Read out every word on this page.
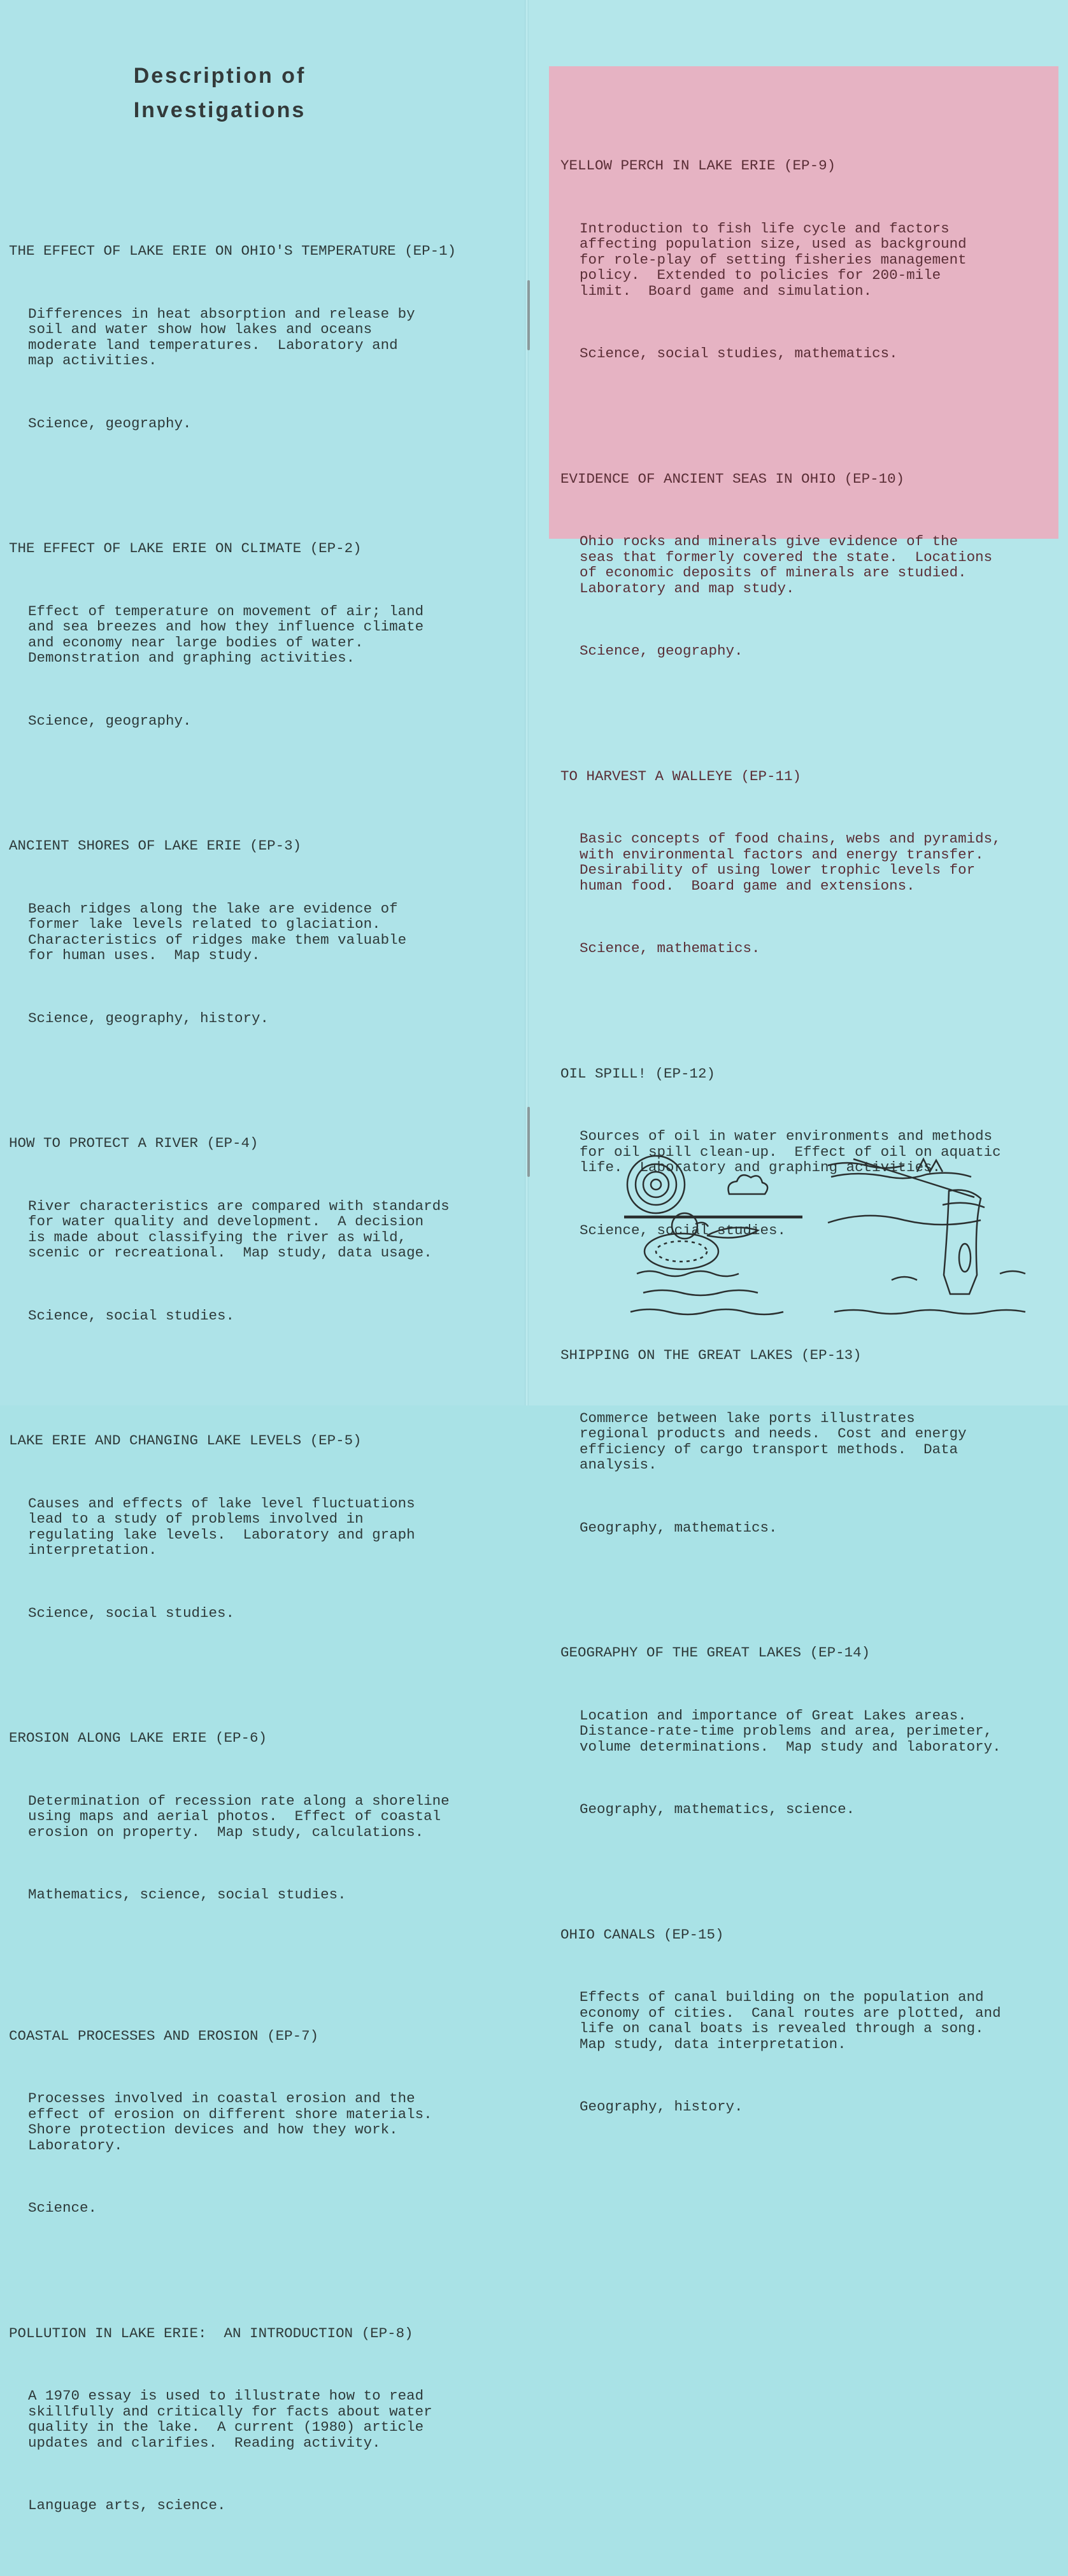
Description of
Investigations

THE EFFECT OF LAKE ERIE ON OHIO'S TEMPERATURE (EP-1)

Differences in heat absorption and release by
soil and water show how lakes and oceans
moderate land temperatures.  Laboratory and
map activities.

Science, geography.

THE EFFECT OF LAKE ERIE ON CLIMATE (EP-2)

Effect of temperature on movement of air; land
and sea breezes and how they influence climate
and economy near large bodies of water.
Demonstration and graphing activities.

Science, geography.

ANCIENT SHORES OF LAKE ERIE (EP-3)

Beach ridges along the lake are evidence of
former lake levels related to glaciation.
Characteristics of ridges make them valuable
for human uses.  Map study.

Science, geography, history.

HOW TO PROTECT A RIVER (EP-4)

River characteristics are compared with standards
for water quality and development.  A decision
is made about classifying the river as wild,
scenic or recreational.  Map study, data usage.

Science, social studies.

LAKE ERIE AND CHANGING LAKE LEVELS (EP-5)

Causes and effects of lake level fluctuations
lead to a study of problems involved in
regulating lake levels.  Laboratory and graph
interpretation.

Science, social studies.

EROSION ALONG LAKE ERIE (EP-6)

Determination of recession rate along a shoreline
using maps and aerial photos.  Effect of coastal
erosion on property.  Map study, calculations.

Mathematics, science, social studies.

COASTAL PROCESSES AND EROSION (EP-7)

Processes involved in coastal erosion and the
effect of erosion on different shore materials.
Shore protection devices and how they work.
Laboratory.

Science.

POLLUTION IN LAKE ERIE:  AN INTRODUCTION (EP-8)

A 1970 essay is used to illustrate how to read
skillfully and critically for facts about water
quality in the lake.  A current (1980) article
updates and clarifies.  Reading activity.

Language arts, science.

YELLOW PERCH IN LAKE ERIE (EP-9)

Introduction to fish life cycle and factors
affecting population size, used as background
for role-play of setting fisheries management
policy.  Extended to policies for 200-mile
limit.  Board game and simulation.

Science, social studies, mathematics.

EVIDENCE OF ANCIENT SEAS IN OHIO (EP-10)

Ohio rocks and minerals give evidence of the
seas that formerly covered the state.  Locations
of economic deposits of minerals are studied.
Laboratory and map study.

Science, geography.

TO HARVEST A WALLEYE (EP-11)

Basic concepts of food chains, webs and pyramids,
with environmental factors and energy transfer.
Desirability of using lower trophic levels for
human food.  Board game and extensions.

Science, mathematics.

OIL SPILL! (EP-12)

Sources of oil in water environments and methods
for oil spill clean-up.  Effect of oil on aquatic
life.  Laboratory and graphing activities.

Science, social studies.

SHIPPING ON THE GREAT LAKES (EP-13)

Commerce between lake ports illustrates
regional products and needs.  Cost and energy
efficiency of cargo transport methods.  Data
analysis.

Geography, mathematics.

GEOGRAPHY OF THE GREAT LAKES (EP-14)

Location and importance of Great Lakes areas.
Distance-rate-time problems and area, perimeter,
volume determinations.  Map study and laboratory.

Geography, mathematics, science.

OHIO CANALS (EP-15)

Effects of canal building on the population and
economy of cities.  Canal routes are plotted, and
life on canal boats is revealed through a song.
Map study, data interpretation.

Geography, history.
